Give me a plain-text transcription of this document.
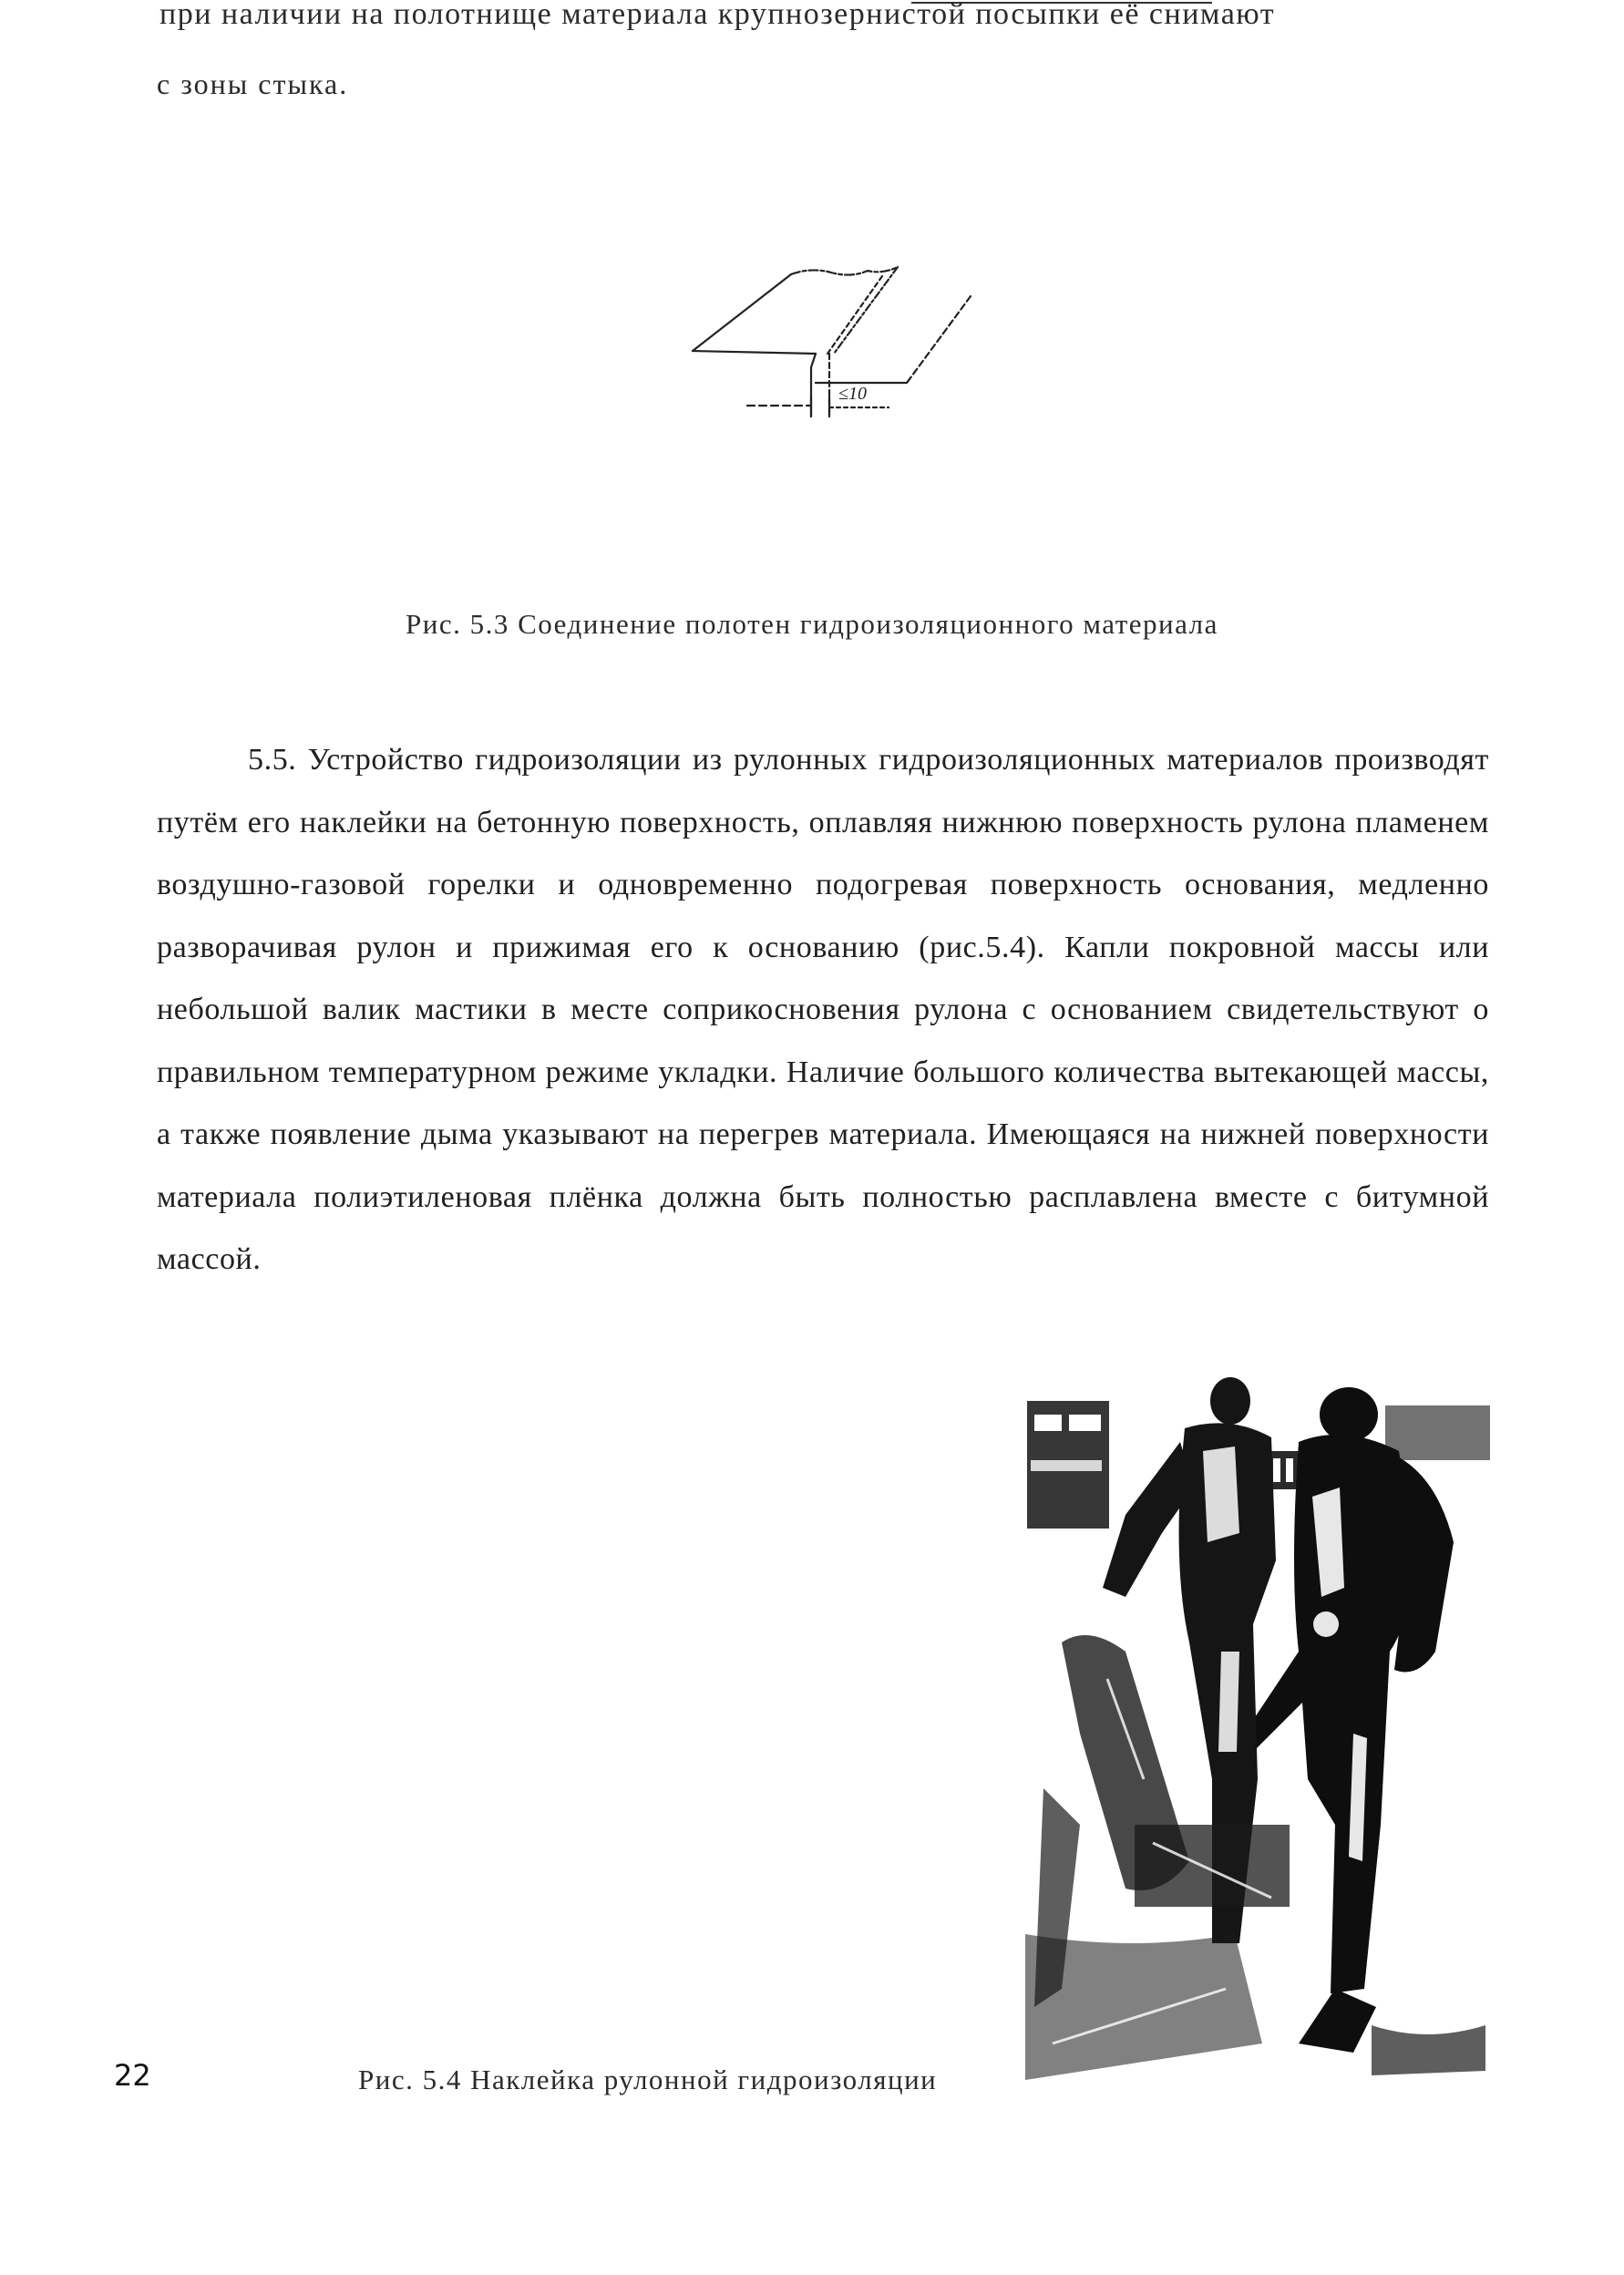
при наличии на полотнище материала крупнозернистой посыпки её снимают
с зоны стыка.
≤10
Рис. 5.3 Соединение полотен гидроизоляционного материала

5.5. Устройство гидроизоляции из рулонных гидроизоляционных материалов производят путём его наклейки на бетонную поверхность, оплавляя нижнюю поверхность рулона пламенем воздушно-газовой горелки и одновременно подогревая поверхность основания, медленно разворачивая рулон и прижимая его к основанию (рис.5.4). Капли покровной массы или небольшой валик мастики в месте соприкосновения рулона с основанием свидетельствуют о правильном температурном режиме укладки. Наличие большого количества вытекающей массы, а также появление дыма указывают на перегрев материала. Имеющаяся на нижней поверхности материала полиэтиленовая плёнка должна быть полностью расплавлена вместе с битумной массой.

Рис. 5.4 Наклейка рулонной гидроизоляции
22
